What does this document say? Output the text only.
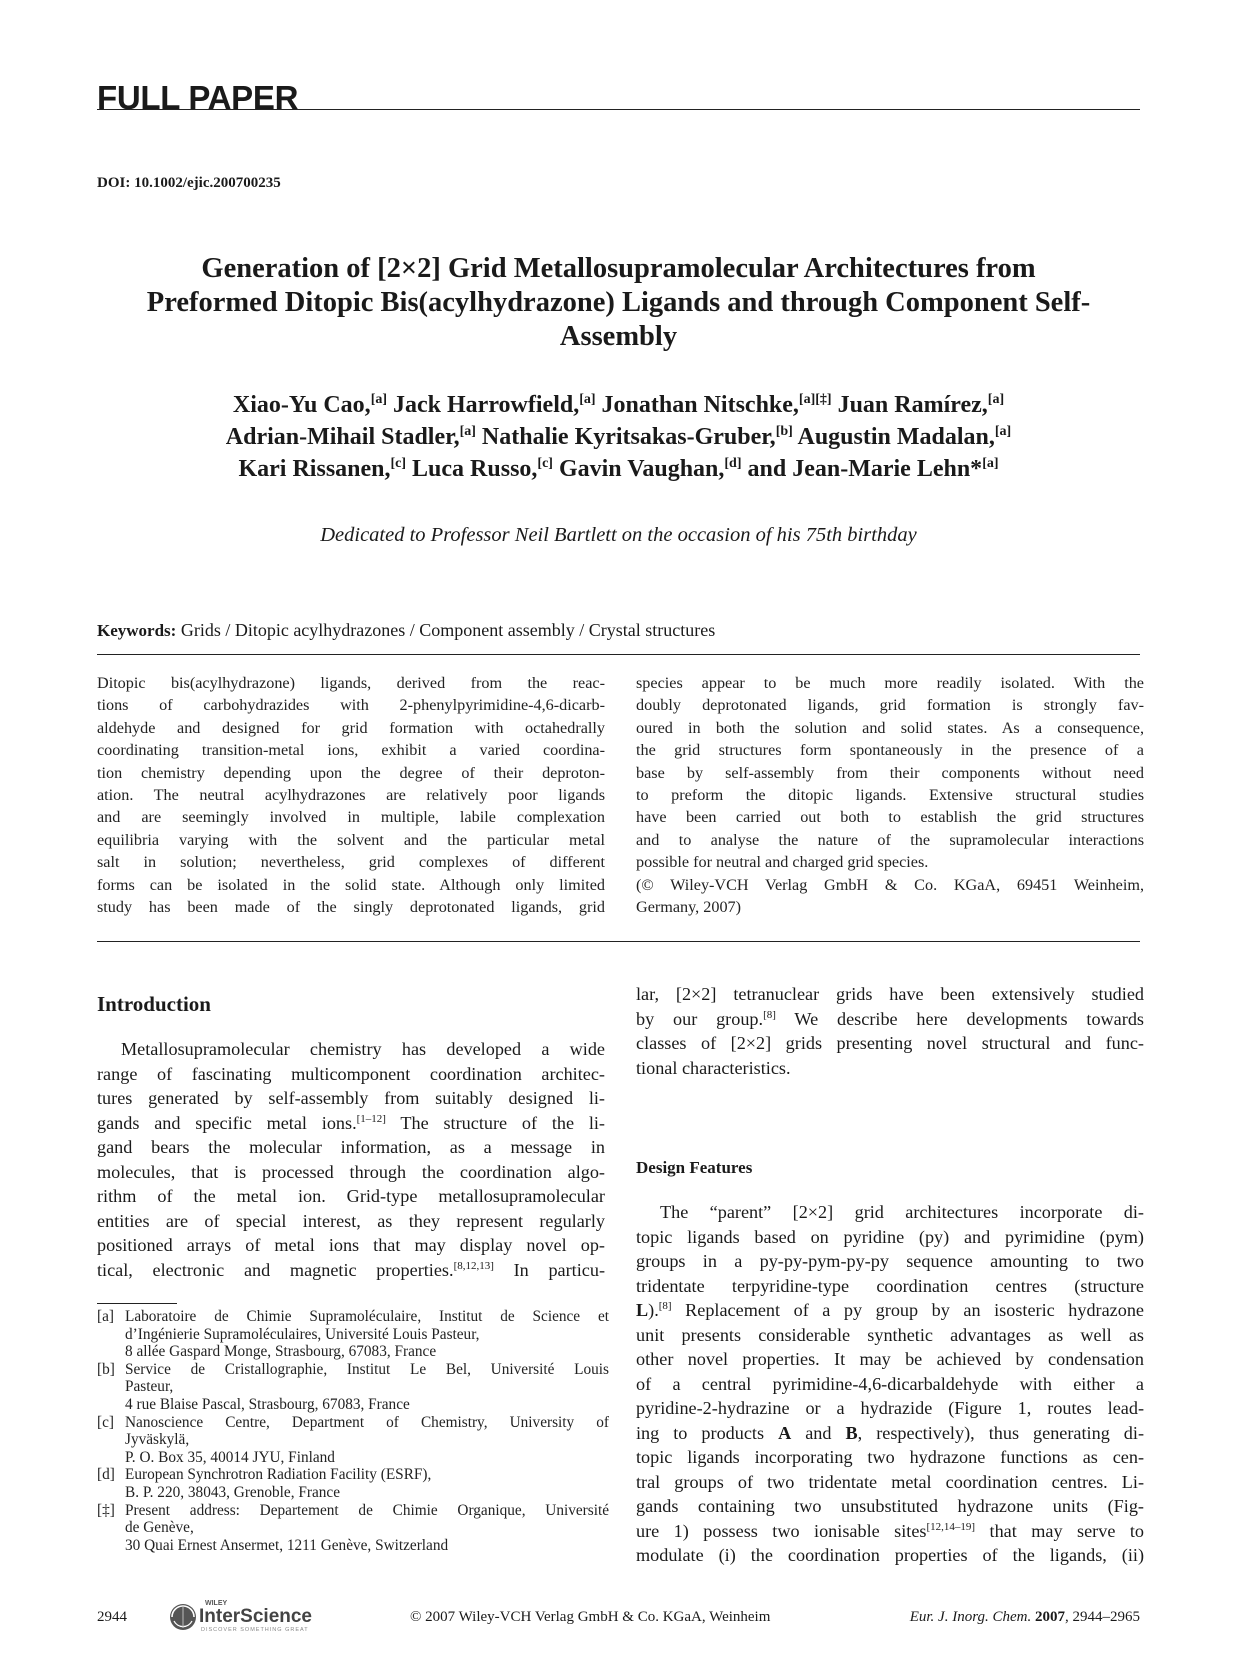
FULL PAPER
DOI: 10.1002/ejic.200700235
Generation of [2×2] Grid Metallosupramolecular Architectures from
Preformed Ditopic Bis(acylhydrazone) Ligands and through Component Self-
Assembly
Xiao-Yu Cao,[a] Jack Harrowfield,[a] Jonathan Nitschke,[a][‡] Juan Ramírez,[a]
Adrian-Mihail Stadler,[a] Nathalie Kyritsakas-Gruber,[b] Augustin Madalan,[a]
Kari Rissanen,[c] Luca Russo,[c] Gavin Vaughan,[d] and Jean-Marie Lehn*[a]
Dedicated to Professor Neil Bartlett on the occasion of his 75th birthday
Keywords: Grids / Ditopic acylhydrazones / Component assembly / Crystal structures
Ditopic bis(acylhydrazone) ligands, derived from the reac-
tions of carbohydrazides with 2-phenylpyrimidine-4,6-dicarb-
aldehyde and designed for grid formation with octahedrally
coordinating transition-metal ions, exhibit a varied coordina-
tion chemistry depending upon the degree of their deproton-
ation. The neutral acylhydrazones are relatively poor ligands
and are seemingly involved in multiple, labile complexation
equilibria varying with the solvent and the particular metal
salt in solution; nevertheless, grid complexes of different
forms can be isolated in the solid state. Although only limited
study has been made of the singly deprotonated ligands, grid
species appear to be much more readily isolated. With the
doubly deprotonated ligands, grid formation is strongly fav-
oured in both the solution and solid states. As a consequence,
the grid structures form spontaneously in the presence of a
base by self-assembly from their components without need
to preform the ditopic ligands. Extensive structural studies
have been carried out both to establish the grid structures
and to analyse the nature of the supramolecular interactions
possible for neutral and charged grid species.
(© Wiley-VCH Verlag GmbH & Co. KGaA, 69451 Weinheim,
Germany, 2007)
Introduction
Metallosupramolecular chemistry has developed a wide
range of fascinating multicomponent coordination architec-
tures generated by self-assembly from suitably designed li-
gands and specific metal ions.[1–12] The structure of the li-
gand bears the molecular information, as a message in
molecules, that is processed through the coordination algo-
rithm of the metal ion. Grid-type metallosupramolecular
entities are of special interest, as they represent regularly
positioned arrays of metal ions that may display novel op-
tical, electronic and magnetic properties.[8,12,13] In particu-
lar, [2×2] tetranuclear grids have been extensively studied
by our group.[8] We describe here developments towards
classes of [2×2] grids presenting novel structural and func-
tional characteristics.
Design Features
The “parent” [2×2] grid architectures incorporate di-
topic ligands based on pyridine (py) and pyrimidine (pym)
groups in a py-py-pym-py-py sequence amounting to two
tridentate terpyridine-type coordination centres (structure
L).[8] Replacement of a py group by an isosteric hydrazone
unit presents considerable synthetic advantages as well as
other novel properties. It may be achieved by condensation
of a central pyrimidine-4,6-dicarbaldehyde with either a
pyridine-2-hydrazine or a hydrazide (Figure 1, routes lead-
ing to products A and B, respectively), thus generating di-
topic ligands incorporating two hydrazone functions as cen-
tral groups of two tridentate metal coordination centres. Li-
gands containing two unsubstituted hydrazone units (Fig-
ure 1) possess two ionisable sites[12,14–19] that may serve to
modulate (i) the coordination properties of the ligands, (ii)
[a] Laboratoire de Chimie Supramoléculaire, Institut de Science et
d’Ingénierie Supramoléculaires, Université Louis Pasteur,
8 allée Gaspard Monge, Strasbourg, 67083, France
[b] Service de Cristallographie, Institut Le Bel, Université Louis
Pasteur,
4 rue Blaise Pascal, Strasbourg, 67083, France
[c] Nanoscience Centre, Department of Chemistry, University of
Jyväskylä,
P. O. Box 35, 40014 JYU, Finland
[d] European Synchrotron Radiation Facility (ESRF),
B. P. 220, 38043, Grenoble, France
[‡] Present address: Departement de Chimie Organique, Université
de Genève,
30 Quai Ernest Ansermet, 1211 Genève, Switzerland
2944
WILEY
InterScience
DISCOVER SOMETHING GREAT
© 2007 Wiley-VCH Verlag GmbH & Co. KGaA, Weinheim	Eur. J. Inorg. Chem. 2007, 2944–2965
